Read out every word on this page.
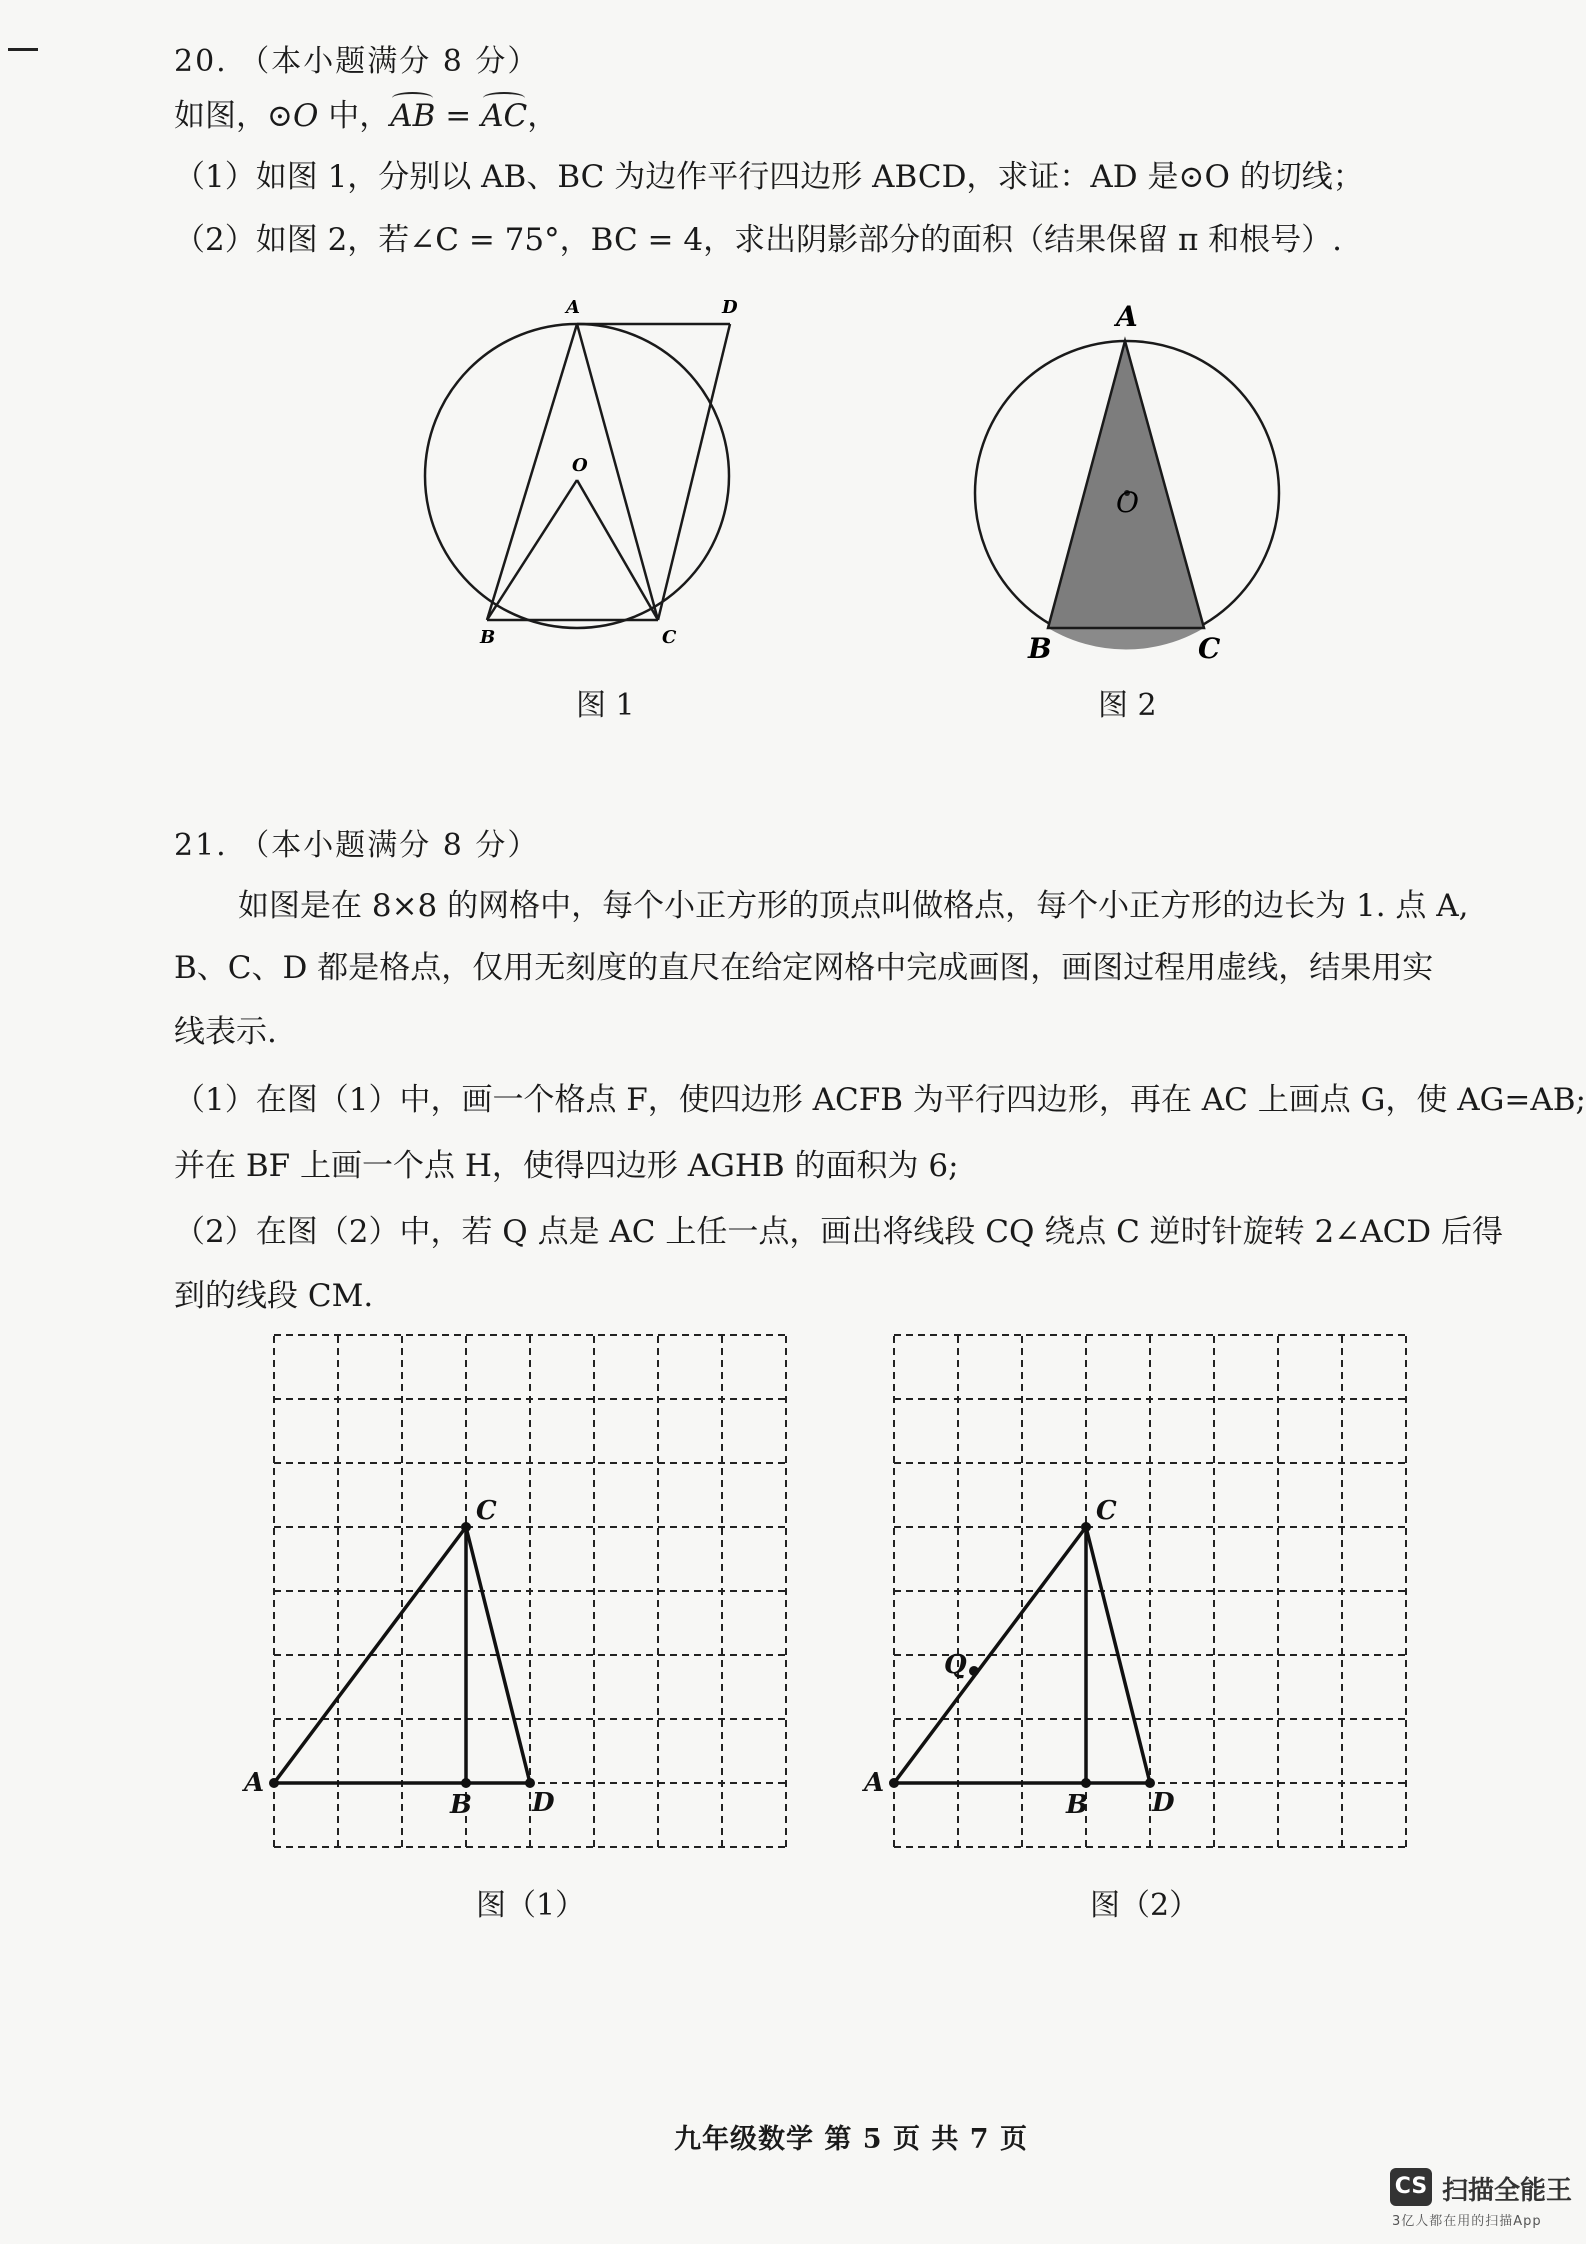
20. （本小题满分 8 分）
如图，⊙O 中，AB = AC，
（1）如图 1，分别以 AB、BC 为边作平行四边形 ABCD，求证：AD 是⊙O 的切线；
（2）如图 2，若∠C = 75°，BC = 4，求出阴影部分的面积（结果保留 π 和根号）.
A	D
O
B	C
图 1
A
O
B	C
图 2
21. （本小题满分 8 分）
如图是在 8×8 的网格中，每个小正方形的顶点叫做格点，每个小正方形的边长为 1. 点 A,
B、C、D 都是格点，仅用无刻度的直尺在给定网格中完成画图，画图过程用虚线，结果用实
线表示.
（1）在图（1）中，画一个格点 F，使四边形 ACFB 为平行四边形，再在 AC 上画点 G，使 AG=AB;
并在 BF 上画一个点 H，使得四边形 AGHB 的面积为 6;
（2）在图（2）中，若 Q 点是 AC 上任一点，画出将线段 CQ 绕点 C 逆时针旋转 2∠ACD 后得
到的线段 CM.
A
B
C
D
图（1）
A
B
C
D
Q
图（2）
九年级数学 第 5 页 共 7 页
CS 扫描全能王
3亿人都在用的扫描App
